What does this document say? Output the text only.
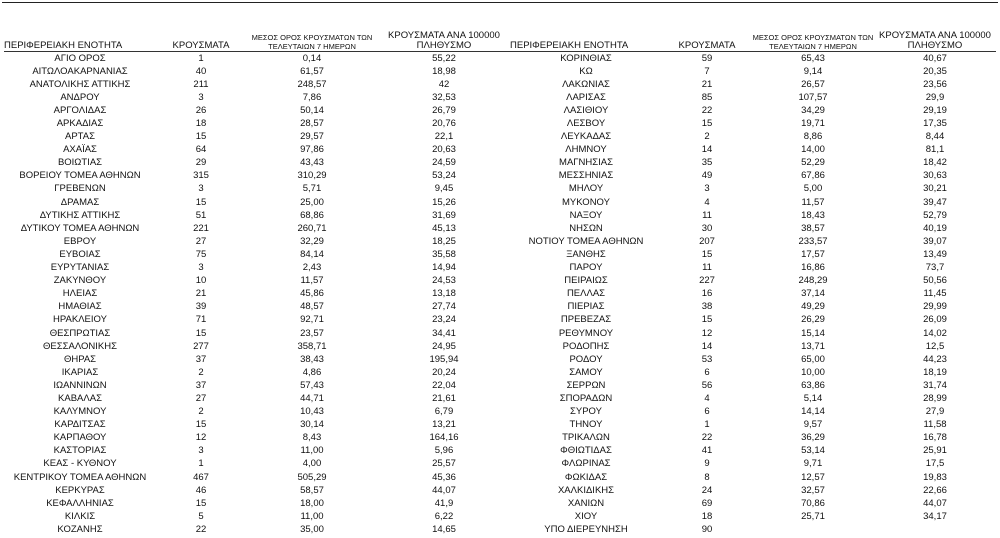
ΠΕΡΙΦΕΡΕΙΑΚΗ ΕΝΟΤΗΤΑ	ΚΡΟΥΣΜΑΤΑ	ΜΕΣΟΣ ΟΡΟΣ ΚΡΟΥΣΜΑΤΩΝ ΤΩΝ ΤΕΛΕΥΤΑΙΩΝ 7 ΗΜΕΡΩΝ	ΚΡΟΥΣΜΑΤΑ ΑΝΑ 100000 ΠΛΗΘΥΣΜΟ	ΠΕΡΙΦΕΡΕΙΑΚΗ ΕΝΟΤΗΤΑ	ΚΡΟΥΣΜΑΤΑ	ΜΕΣΟΣ ΟΡΟΣ ΚΡΟΥΣΜΑΤΩΝ ΤΩΝ ΤΕΛΕΥΤΑΙΩΝ 7 ΗΜΕΡΩΝ	ΚΡΟΥΣΜΑΤΑ ΑΝΑ 100000 ΠΛΗΘΥΣΜΟ
ΑΓΙΟ ΟΡΟΣ	1	0,14	55,22	ΚΟΡΙΝΘΙΑΣ	59	65,43	40,67
ΑΙΤΩΛΟΑΚΑΡΝΑΝΙΑΣ	40	61,57	18,98	ΚΩ	7	9,14	20,35
ΑΝΑΤΟΛΙΚΗΣ ΑΤΤΙΚΗΣ	211	248,57	42	ΛΑΚΩΝΙΑΣ	21	26,57	23,56
ΑΝΔΡΟΥ	3	7,86	32,53	ΛΑΡΙΣΑΣ	85	107,57	29,9
ΑΡΓΟΛΙΔΑΣ	26	50,14	26,79	ΛΑΣΙΘΙΟΥ	22	34,29	29,19
ΑΡΚΑΔΙΑΣ	18	28,57	20,76	ΛΕΣΒΟΥ	15	19,71	17,35
ΑΡΤΑΣ	15	29,57	22,1	ΛΕΥΚΑΔΑΣ	2	8,86	8,44
ΑΧΑΪΑΣ	64	97,86	20,63	ΛΗΜΝΟΥ	14	14,00	81,1
ΒΟΙΩΤΙΑΣ	29	43,43	24,59	ΜΑΓΝΗΣΙΑΣ	35	52,29	18,42
ΒΟΡΕΙΟΥ ΤΟΜΕΑ ΑΘΗΝΩΝ	315	310,29	53,24	ΜΕΣΣΗΝΙΑΣ	49	67,86	30,63
ΓΡΕΒΕΝΩΝ	3	5,71	9,45	ΜΗΛΟΥ	3	5,00	30,21
ΔΡΑΜΑΣ	15	25,00	15,26	ΜΥΚΟΝΟΥ	4	11,57	39,47
ΔΥΤΙΚΗΣ ΑΤΤΙΚΗΣ	51	68,86	31,69	ΝΑΞΟΥ	11	18,43	52,79
ΔΥΤΙΚΟΥ ΤΟΜΕΑ ΑΘΗΝΩΝ	221	260,71	45,13	ΝΗΣΩΝ	30	38,57	40,19
ΕΒΡΟΥ	27	32,29	18,25	ΝΟΤΙΟΥ ΤΟΜΕΑ ΑΘΗΝΩΝ	207	233,57	39,07
ΕΥΒΟΙΑΣ	75	84,14	35,58	ΞΑΝΘΗΣ	15	17,57	13,49
ΕΥΡΥΤΑΝΙΑΣ	3	2,43	14,94	ΠΑΡΟΥ	11	16,86	73,7
ΖΑΚΥΝΘΟΥ	10	11,57	24,53	ΠΕΙΡΑΙΩΣ	227	248,29	50,56
ΗΛΕΙΑΣ	21	45,86	13,18	ΠΕΛΛΑΣ	16	37,14	11,45
ΗΜΑΘΙΑΣ	39	48,57	27,74	ΠΙΕΡΙΑΣ	38	49,29	29,99
ΗΡΑΚΛΕΙΟΥ	71	92,71	23,24	ΠΡΕΒΕΖΑΣ	15	26,29	26,09
ΘΕΣΠΡΩΤΙΑΣ	15	23,57	34,41	ΡΕΘΥΜΝΟΥ	12	15,14	14,02
ΘΕΣΣΑΛΟΝΙΚΗΣ	277	358,71	24,95	ΡΟΔΟΠΗΣ	14	13,71	12,5
ΘΗΡΑΣ	37	38,43	195,94	ΡΟΔΟΥ	53	65,00	44,23
ΙΚΑΡΙΑΣ	2	4,86	20,24	ΣΑΜΟΥ	6	10,00	18,19
ΙΩΑΝΝΙΝΩΝ	37	57,43	22,04	ΣΕΡΡΩΝ	56	63,86	31,74
ΚΑΒΑΛΑΣ	27	44,71	21,61	ΣΠΟΡΑΔΩΝ	4	5,14	28,99
ΚΑΛΥΜΝΟΥ	2	10,43	6,79	ΣΥΡΟΥ	6	14,14	27,9
ΚΑΡΔΙΤΣΑΣ	15	30,14	13,21	ΤΗΝΟΥ	1	9,57	11,58
ΚΑΡΠΑΘΟΥ	12	8,43	164,16	ΤΡΙΚΑΛΩΝ	22	36,29	16,78
ΚΑΣΤΟΡΙΑΣ	3	11,00	5,96	ΦΘΙΩΤΙΔΑΣ	41	53,14	25,91
ΚΕΑΣ - ΚΥΘΝΟΥ	1	4,00	25,57	ΦΛΩΡΙΝΑΣ	9	9,71	17,5
ΚΕΝΤΡΙΚΟΥ ΤΟΜΕΑ ΑΘΗΝΩΝ	467	505,29	45,36	ΦΩΚΙΔΑΣ	8	12,57	19,83
ΚΕΡΚΥΡΑΣ	46	58,57	44,07	ΧΑΛΚΙΔΙΚΗΣ	24	32,57	22,66
ΚΕΦΑΛΛΗΝΙΑΣ	15	18,00	41,9	ΧΑΝΙΩΝ	69	70,86	44,07
ΚΙΛΚΙΣ	5	11,00	6,22	ΧΙΟΥ	18	25,71	34,17
ΚΟΖΑΝΗΣ	22	35,00	14,65	ΥΠΟ ΔΙΕΡΕΥΝΗΣΗ	90		
